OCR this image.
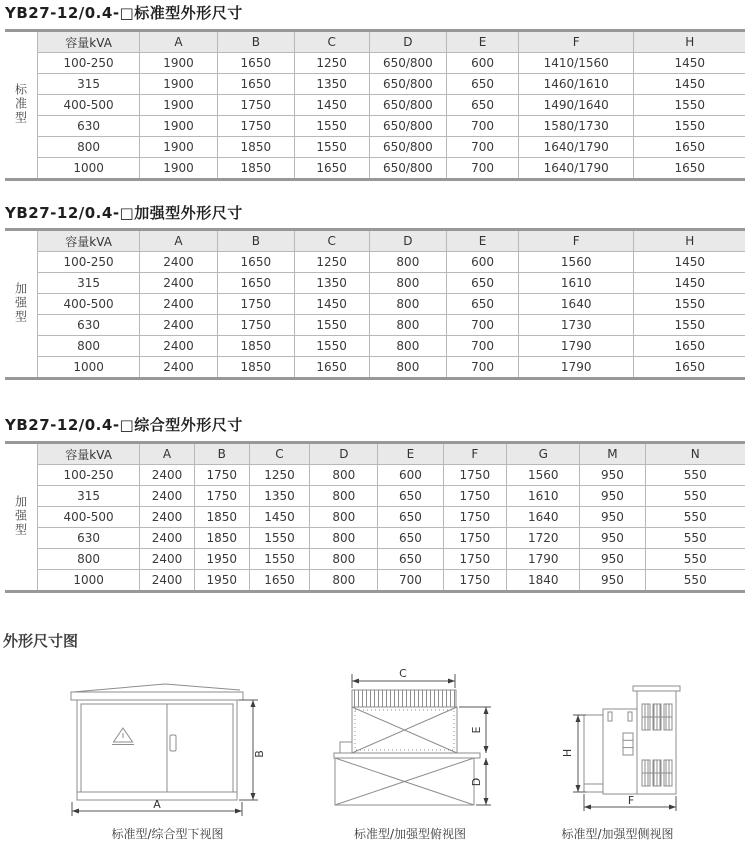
YB27-12/0.4-□标准型外形尺寸
标准型	容量kVA	A	B	C	D	E	F	H
	100-250	1900	1650	1250	650/800	600	1410/1560	1450
	315	1900	1650	1350	650/800	650	1460/1610	1450
	400-500	1900	1750	1450	650/800	650	1490/1640	1550
	630	1900	1750	1550	650/800	700	1580/1730	1550
	800	1900	1850	1550	650/800	700	1640/1790	1650
	1000	1900	1850	1650	650/800	700	1640/1790	1650
YB27-12/0.4-□加强型外形尺寸
加强型	容量kVA	A	B	C	D	E	F	H
	100-250	2400	1650	1250	800	600	1560	1450
	315	2400	1650	1350	800	650	1610	1450
	400-500	2400	1750	1450	800	650	1640	1550
	630	2400	1750	1550	800	700	1730	1550
	800	2400	1850	1550	800	700	1790	1650
	1000	2400	1850	1650	800	700	1790	1650
YB27-12/0.4-□综合型外形尺寸
加强型	容量kVA	A	B	C	D	E	F	G	M	N
	100-250	2400	1750	1250	800	600	1750	1560	950	550
	315	2400	1750	1350	800	650	1750	1610	950	550
	400-500	2400	1850	1450	800	650	1750	1640	950	550
	630	2400	1850	1550	800	650	1750	1720	950	550
	800	2400	1950	1550	800	650	1750	1790	950	550
	1000	2400	1950	1650	800	700	1750	1840	950	550
外形尺寸图
B
A
标准型/综合型下视图
C
E
D
标准型/加强型俯视图
H
F
标准型/加强型侧视图
